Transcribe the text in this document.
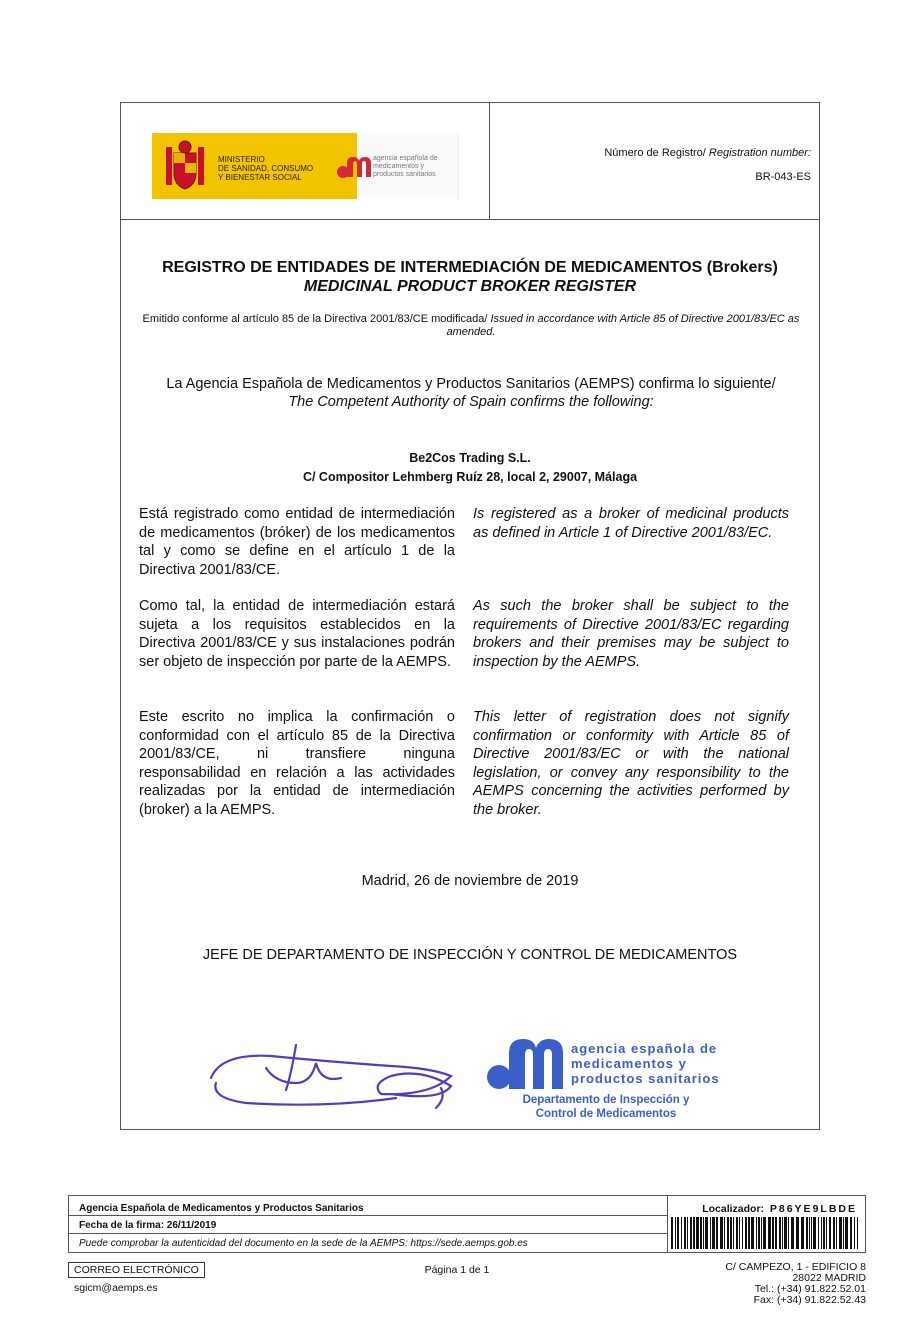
MINISTERIO
DE SANIDAD, CONSUMO
Y BIENESTAR SOCIAL
agencia española de
medicamentos y
productos sanitarios
Número de Registro/ Registration number:
BR-043-ES
REGISTRO DE ENTIDADES DE INTERMEDIACIÓN DE MEDICAMENTOS (Brokers)
MEDICINAL PRODUCT BROKER REGISTER
Emitido conforme al artículo 85 de la Directiva 2001/83/CE modificada/ Issued in accordance with Article 85 of Directive 2001/83/EC as amended.
La Agencia Española de Medicamentos y Productos Sanitarios (AEMPS) confirma lo siguiente/
The Competent Authority of Spain confirms the following:
Be2Cos Trading S.L.
C/ Compositor Lehmberg Ruíz 28, local 2, 29007, Málaga
Está registrado como entidad de intermediación de medicamentos (bróker) de los medicamentos tal y como se define en el artículo 1 de la Directiva 2001/83/CE.
Is registered as a broker of medicinal products as defined in Article 1 of Directive 2001/83/EC.
Como tal, la entidad de intermediación estará sujeta a los requisitos establecidos en la Directiva 2001/83/CE y sus instalaciones podrán ser objeto de inspección por parte de la AEMPS.
As such the broker shall be subject to the requirements of Directive 2001/83/EC regarding brokers and their premises may be subject to inspection by the AEMPS.
Este escrito no implica la confirmación o conformidad con el artículo 85 de la Directiva 2001/83/CE, ni transfiere ninguna responsabilidad en relación a las actividades realizadas por la entidad de intermediación (broker) a la AEMPS.
This letter of registration does not signify confirmation or conformity with Article 85 of Directive 2001/83/EC or with the national legislation, or convey any responsibility to the AEMPS concerning the activities performed by the broker.
Madrid, 26 de noviembre de 2019
JEFE DE DEPARTAMENTO DE INSPECCIÓN Y CONTROL DE MEDICAMENTOS
agencia española de
medicamentos y
productos sanitarios
Departamento de Inspección y
Control de Medicamentos
Agencia Española de Medicamentos y Productos Sanitarios
Fecha de la firma: 26/11/2019
Puede comprobar la autenticidad del documento en la sede de la AEMPS: https://sede.aemps.gob.es
Localizador: P86YE9LBDE
CORREO ELECTRÓNICO
sgicm@aemps.es
Página 1 de 1	C/ CAMPEZO, 1 - EDIFICIO 8
28022 MADRID
Tel.: (+34) 91.822.52.01
Fax: (+34) 91.822.52.43
